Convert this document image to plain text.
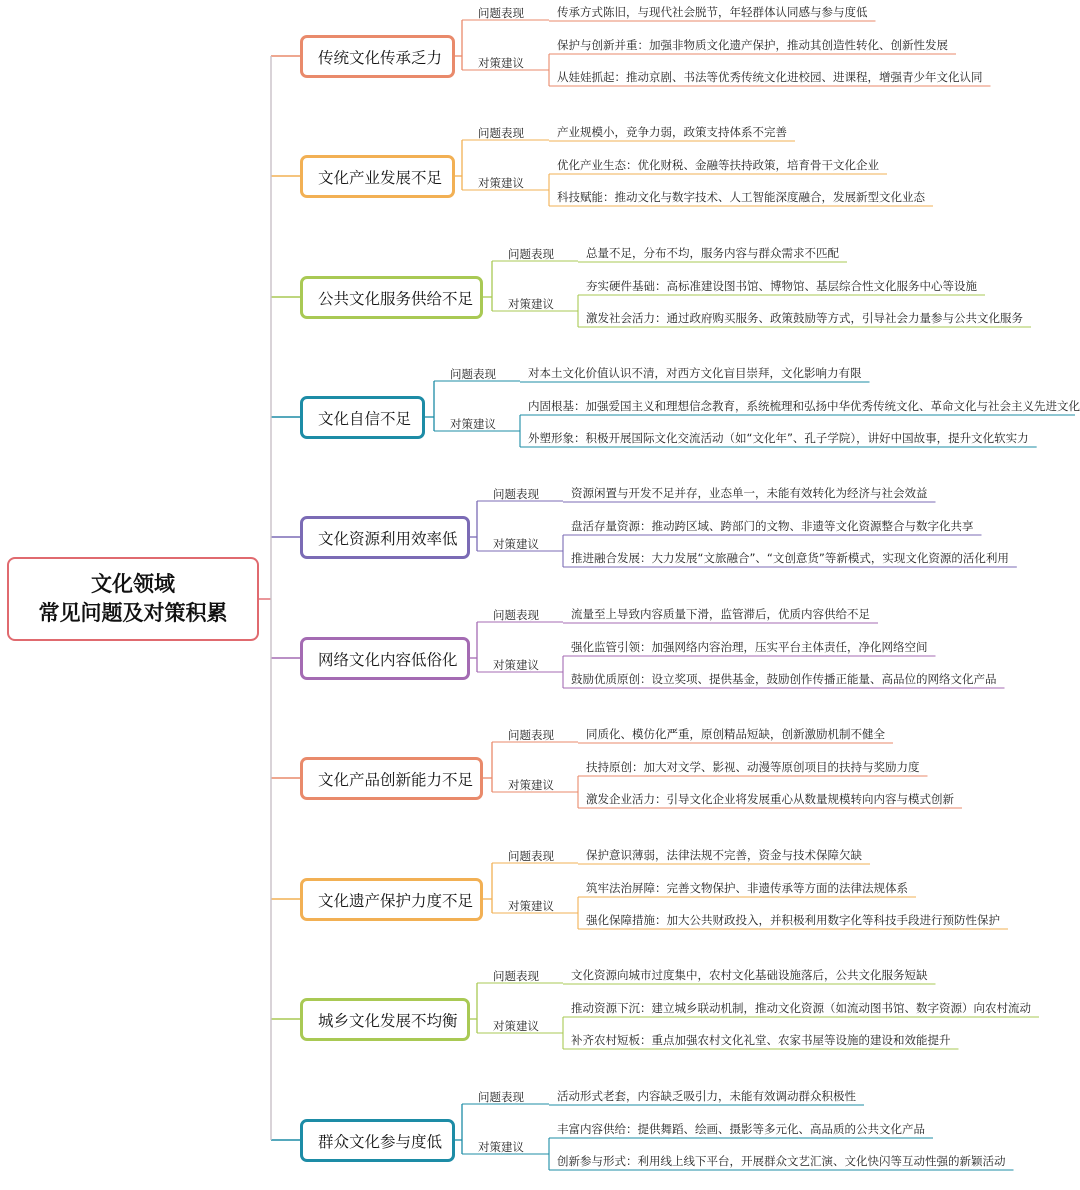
文化领域
常见问题及对策积累
传统文化传承乏力
问题表现
对策建议
传承方式陈旧，与现代社会脱节，年轻群体认同感与参与度低
保护与创新并重：加强非物质文化遗产保护，推动其创造性转化、创新性发展
从娃娃抓起：推动京剧、书法等优秀传统文化进校园、进课程，增强青少年文化认同
文化产业发展不足
问题表现
对策建议
产业规模小，竞争力弱，政策支持体系不完善
优化产业生态：优化财税、金融等扶持政策，培育骨干文化企业
科技赋能：推动文化与数字技术、人工智能深度融合，发展新型文化业态
公共文化服务供给不足
问题表现
对策建议
总量不足，分布不均，服务内容与群众需求不匹配
夯实硬件基础：高标准建设图书馆、博物馆、基层综合性文化服务中心等设施
激发社会活力：通过政府购买服务、政策鼓励等方式，引导社会力量参与公共文化服务
文化自信不足
问题表现
对策建议
对本土文化价值认识不清，对西方文化盲目崇拜，文化影响力有限
内固根基：加强爱国主义和理想信念教育，系统梳理和弘扬中华优秀传统文化、革命文化与社会主义先进文化
外塑形象：积极开展国际文化交流活动（如“文化年”、孔子学院），讲好中国故事，提升文化软实力
文化资源利用效率低
问题表现
对策建议
资源闲置与开发不足并存，业态单一，未能有效转化为经济与社会效益
盘活存量资源：推动跨区域、跨部门的文物、非遗等文化资源整合与数字化共享
推进融合发展：大力发展“文旅融合”、“文创意货”等新模式，实现文化资源的活化利用
网络文化内容低俗化
问题表现
对策建议
流量至上导致内容质量下滑，监管滞后，优质内容供给不足
强化监管引领：加强网络内容治理，压实平台主体责任，净化网络空间
鼓励优质原创：设立奖项、提供基金，鼓励创作传播正能量、高品位的网络文化产品
文化产品创新能力不足
问题表现
对策建议
同质化、模仿化严重，原创精品短缺，创新激励机制不健全
扶持原创：加大对文学、影视、动漫等原创项目的扶持与奖励力度
激发企业活力：引导文化企业将发展重心从数量规模转向内容与模式创新
文化遗产保护力度不足
问题表现
对策建议
保护意识薄弱，法律法规不完善，资金与技术保障欠缺
筑牢法治屏障：完善文物保护、非遗传承等方面的法律法规体系
强化保障措施：加大公共财政投入，并积极利用数字化等科技手段进行预防性保护
城乡文化发展不均衡
问题表现
对策建议
文化资源向城市过度集中，农村文化基础设施落后，公共文化服务短缺
推动资源下沉：建立城乡联动机制，推动文化资源（如流动图书馆、数字资源）向农村流动
补齐农村短板：重点加强农村文化礼堂、农家书屋等设施的建设和效能提升
群众文化参与度低
问题表现
对策建议
活动形式老套，内容缺乏吸引力，未能有效调动群众积极性
丰富内容供给：提供舞蹈、绘画、摄影等多元化、高品质的公共文化产品
创新参与形式：利用线上线下平台，开展群众文艺汇演、文化快闪等互动性强的新颖活动
